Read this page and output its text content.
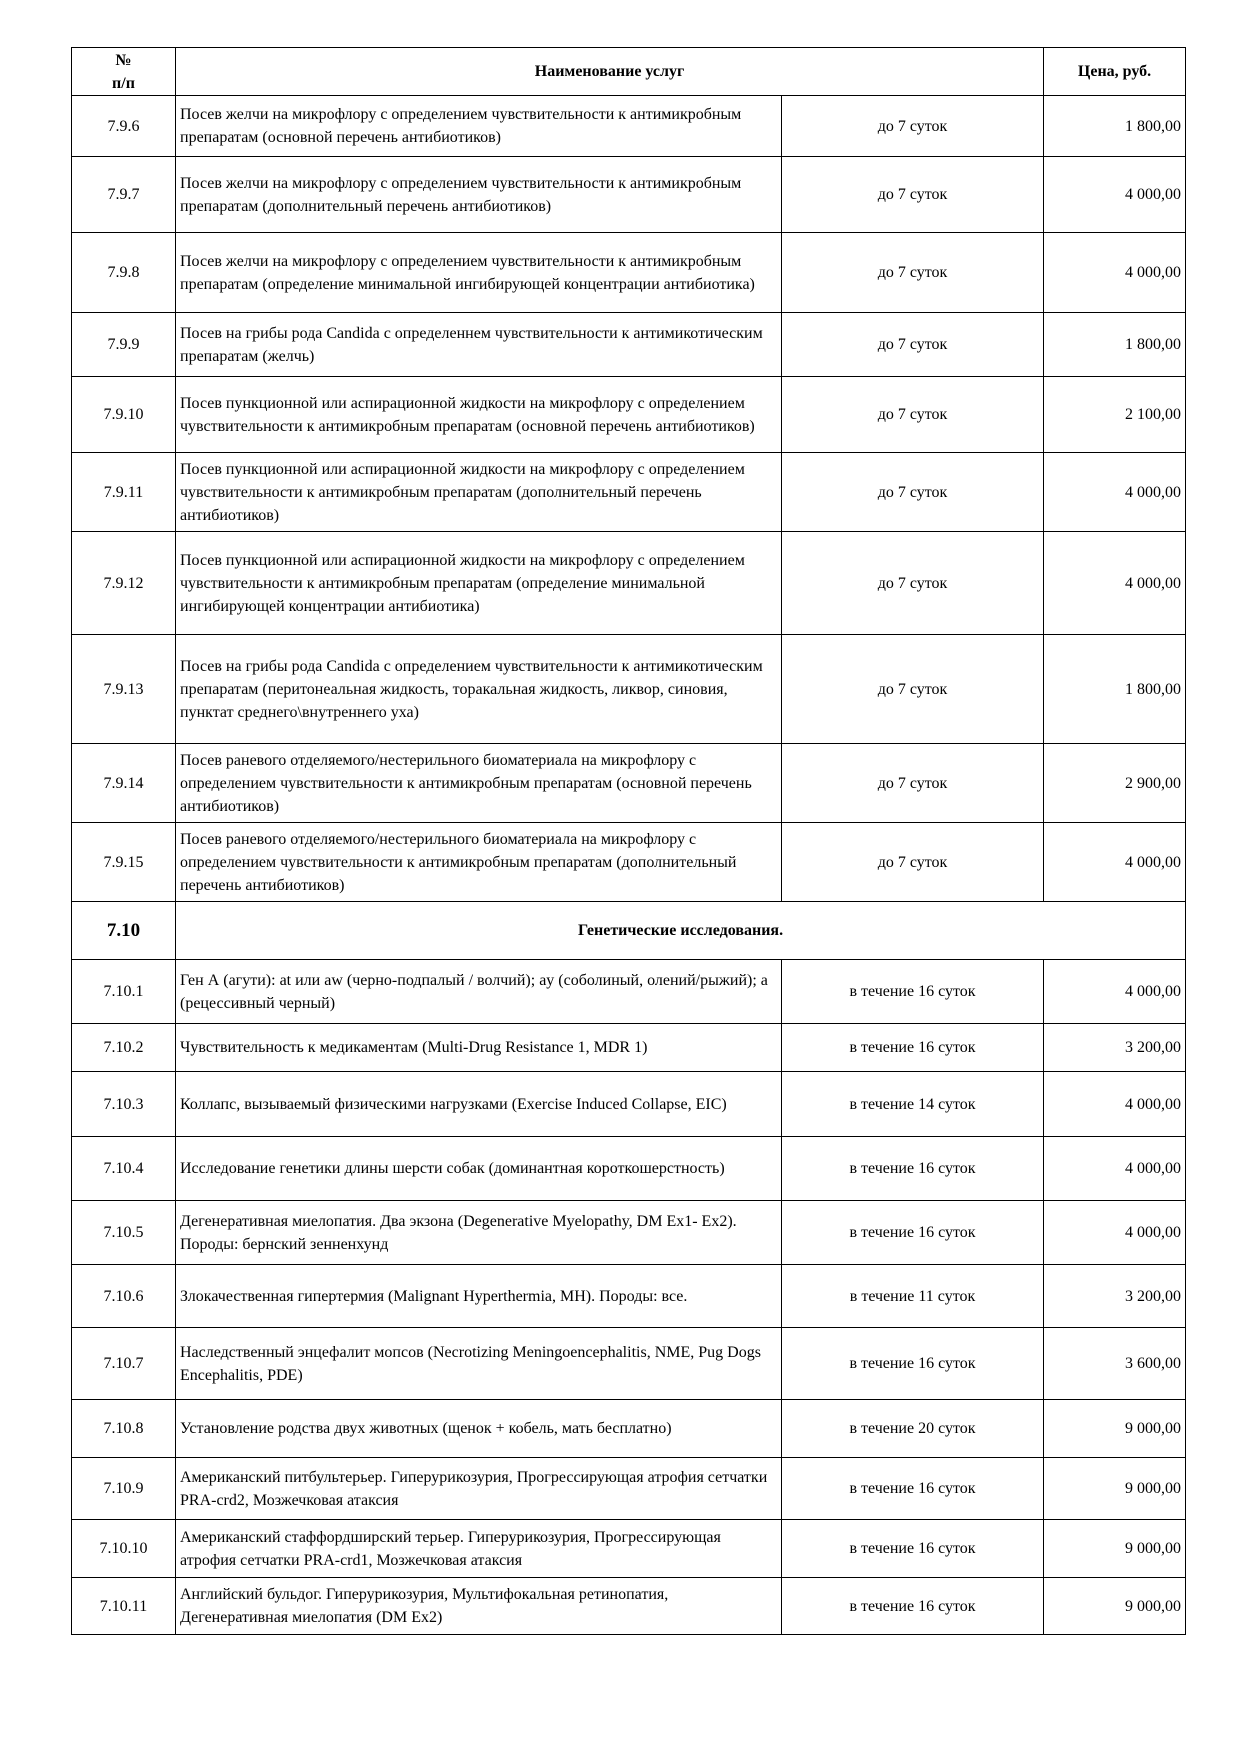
№
п/п	Наименование услуг		Цена, руб.
7.9.6	Посев желчи на микрофлору с определением чувствительности к антимикробным препаратам (основной перечень антибиотиков)	до 7 суток	1 800,00
7.9.7	Посев желчи на микрофлору с определением чувствительности к антимикробным препаратам (дополнительный перечень антибиотиков)	до 7 суток	4 000,00
7.9.8	Посев желчи на микрофлору с определением чувствительности к антимикробным препаратам (определение минимальной ингибирующей концентрации антибиотика)	до 7 суток	4 000,00
7.9.9	Посев на грибы рода Candida с определеннем чувствительности к антимикотическим препаратам (желчь)	до 7 суток	1 800,00
7.9.10	Посев пункционной или аспирационной жидкости на микрофлору с определением чувствительности к антимикробным препаратам (основной перечень антибиотиков)	до 7 суток	2 100,00
7.9.11	Посев пункционной или аспирационной жидкости на микрофлору с определением чувствительности к антимикробным препаратам (дополнительный перечень антибиотиков)	до 7 суток	4 000,00
7.9.12	Посев пункционной или аспирационной жидкости на микрофлору с определением чувствительности к антимикробным препаратам (определение минимальной ингибирующей концентрации антибиотика)	до 7 суток	4 000,00
7.9.13	Посев на грибы рода Candida с определением чувствительности к антимикотическим препаратам (перитонеальная жидкость, торакальная жидкость, ликвор, синовия, пунктат среднего\внутреннего уха)	до 7 суток	1 800,00
7.9.14	Посев раневого отделяемого/нестерильного биоматериала на микрофлору с определением чувствительности к антимикробным препаратам (основной перечень антибиотиков)	до 7 суток	2 900,00
7.9.15	Посев раневого отделяемого/нестерильного биоматериала на микрофлору с определением чувствительности к антимикробным препаратам (дополнительный перечень антибиотиков)	до 7 суток	4 000,00
7.10	Генетические исследования.		
7.10.1	Ген А (агути): at или aw (черно-подпалый / волчий); ay (соболиный, олений/рыжий); a (рецессивный черный)	в течение 16 суток	4 000,00
7.10.2	Чувствительность к медикаментам (Multi-Drug Resistance 1, MDR 1)	в течение 16 суток	3 200,00
7.10.3	Коллапс, вызываемый физическими нагрузками (Exercise Induced Collapse, EIC)	в течение 14 суток	4 000,00
7.10.4	Исследование генетики длины шерсти собак (доминантная короткошерстность)	в течение 16 суток	4 000,00
7.10.5	Дегенеративная миелопатия. Два экзона (Degenerative Myelopathy, DM Ex1- Ex2). Породы: бернский зенненхунд	в течение 16 суток	4 000,00
7.10.6	Злокачественная гипертермия (Malignant Hyperthermia, MH). Породы: все.	в течение 11 суток	3 200,00
7.10.7	Наследственный энцефалит мопсов (Necrotizing Meningoencephalitis, NME, Pug Dogs Encephalitis, PDE)	в течение 16 суток	3 600,00
7.10.8	Установление родства двух животных (щенок + кобель, мать бесплатно)	в течение 20 суток	9 000,00
7.10.9	Американский питбультерьер. Гиперурикозурия, Прогрессирующая атрофия сетчатки PRA-crd2, Мозжечковая атаксия	в течение 16 суток	9 000,00
7.10.10	Американский стаффордширский терьер. Гиперурикозурия, Прогрессирующая атрофия сетчатки PRA-crd1, Мозжечковая атаксия	в течение 16 суток	9 000,00
7.10.11	Английский бульдог. Гиперурикозурия, Мультифокальная ретинопатия, Дегенеративная миелопатия (DM Ex2)	в течение 16 суток	9 000,00
